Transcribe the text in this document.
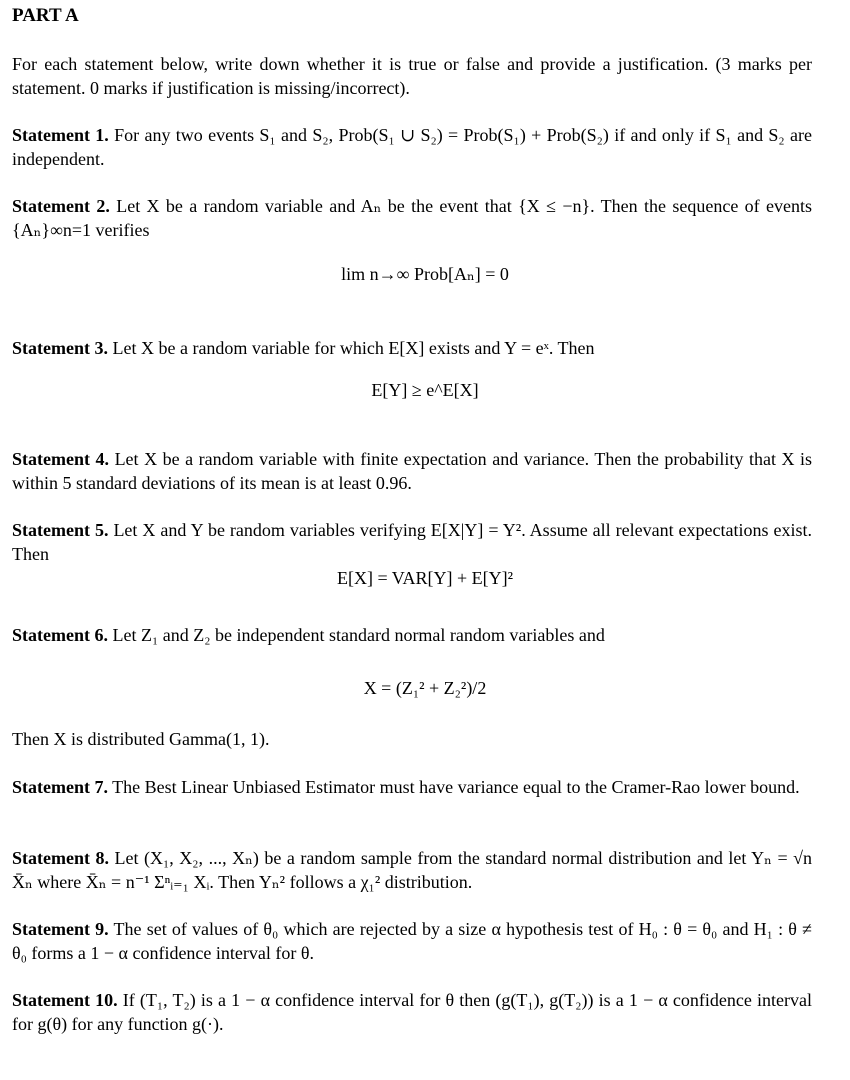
PART A
For each statement below, write down whether it is true or false and provide a justification. (3 marks per statement. 0 marks if justification is missing/incorrect).
Statement 1. For any two events S₁ and S₂, Prob(S₁ ∪ S₂) = Prob(S₁) + Prob(S₂) if and only if S₁ and S₂ are independent.
Statement 2. Let X be a random variable and Aₙ be the event that {X ≤ −n}. Then the sequence of events {Aₙ}∞n=1 verifies
lim n→∞ Prob[Aₙ] = 0
Statement 3. Let X be a random variable for which E[X] exists and Y = eˣ. Then
E[Y] ≥ e^E[X]
Statement 4. Let X be a random variable with finite expectation and variance. Then the probability that X is within 5 standard deviations of its mean is at least 0.96.
Statement 5. Let X and Y be random variables verifying E[X|Y] = Y². Assume all relevant expectations exist. Then
E[X] = VAR[Y] + E[Y]²
Statement 6. Let Z₁ and Z₂ be independent standard normal random variables and
X = (Z₁² + Z₂²)/2
Then X is distributed Gamma(1, 1).
Statement 7. The Best Linear Unbiased Estimator must have variance equal to the Cramer-Rao lower bound.
Statement 8. Let (X₁, X₂, ..., Xₙ) be a random sample from the standard normal distribution and let Yₙ = √n X̄ₙ where X̄ₙ = n⁻¹ Σⁿᵢ₌₁ Xᵢ. Then Yₙ² follows a χ₁² distribution.
Statement 9. The set of values of θ₀ which are rejected by a size α hypothesis test of H₀ : θ = θ₀ and H₁ : θ ≠ θ₀ forms a 1 − α confidence interval for θ.
Statement 10. If (T₁, T₂) is a 1 − α confidence interval for θ then (g(T₁), g(T₂)) is a 1 − α confidence interval for g(θ) for any function g(·).
